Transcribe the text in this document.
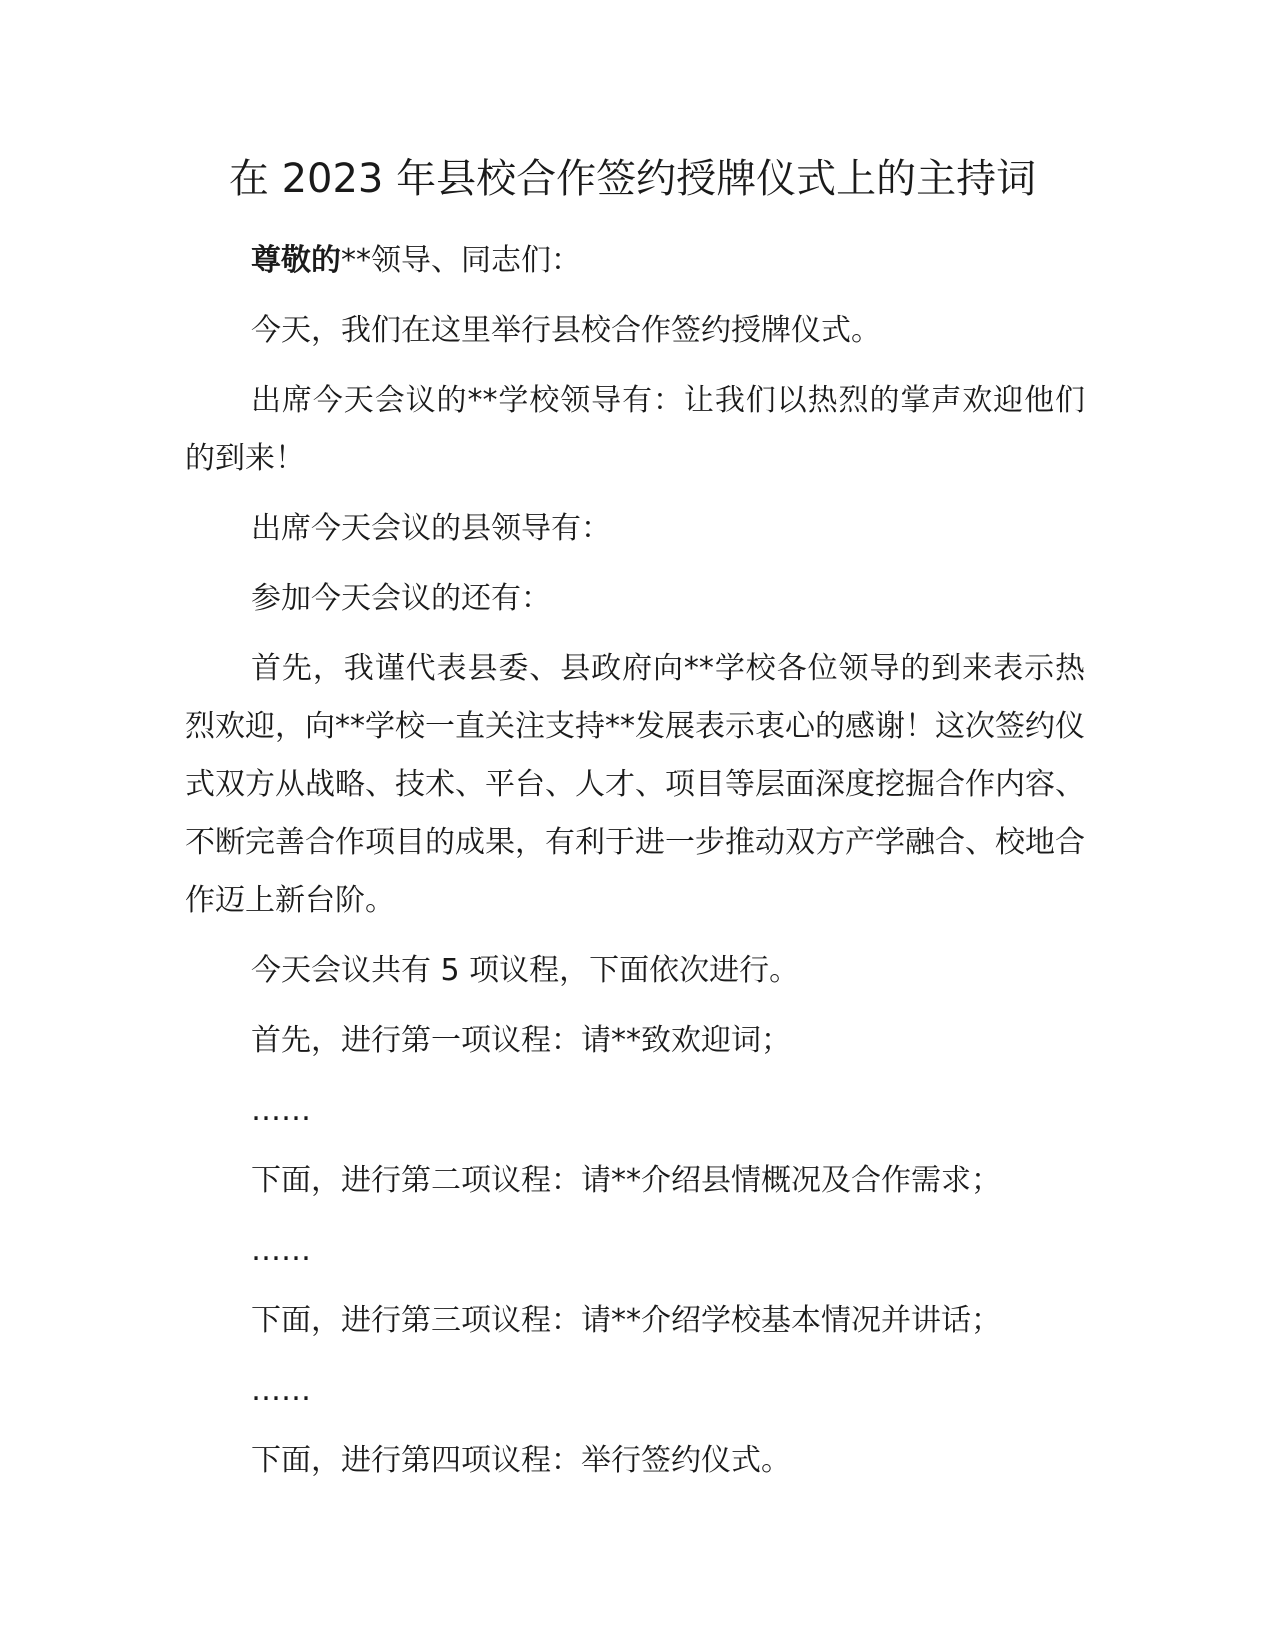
在 2023 年县校合作签约授牌仪式上的主持词

尊敬的**领导、同志们：

今天，我们在这里举行县校合作签约授牌仪式。

出席今天会议的**学校领导有：让我们以热烈的掌声欢迎他们的到来！

出席今天会议的县领导有：

参加今天会议的还有：

首先，我谨代表县委、县政府向**学校各位领导的到来表示热烈欢迎，向**学校一直关注支持**发展表示衷心的感谢！这次签约仪式双方从战略、技术、平台、人才、项目等层面深度挖掘合作内容、不断完善合作项目的成果，有利于进一步推动双方产学融合、校地合作迈上新台阶。

今天会议共有 5 项议程，下面依次进行。

首先，进行第一项议程：请**致欢迎词；

……

下面，进行第二项议程：请**介绍县情概况及合作需求；

……

下面，进行第三项议程：请**介绍学校基本情况并讲话；

……

下面，进行第四项议程：举行签约仪式。
